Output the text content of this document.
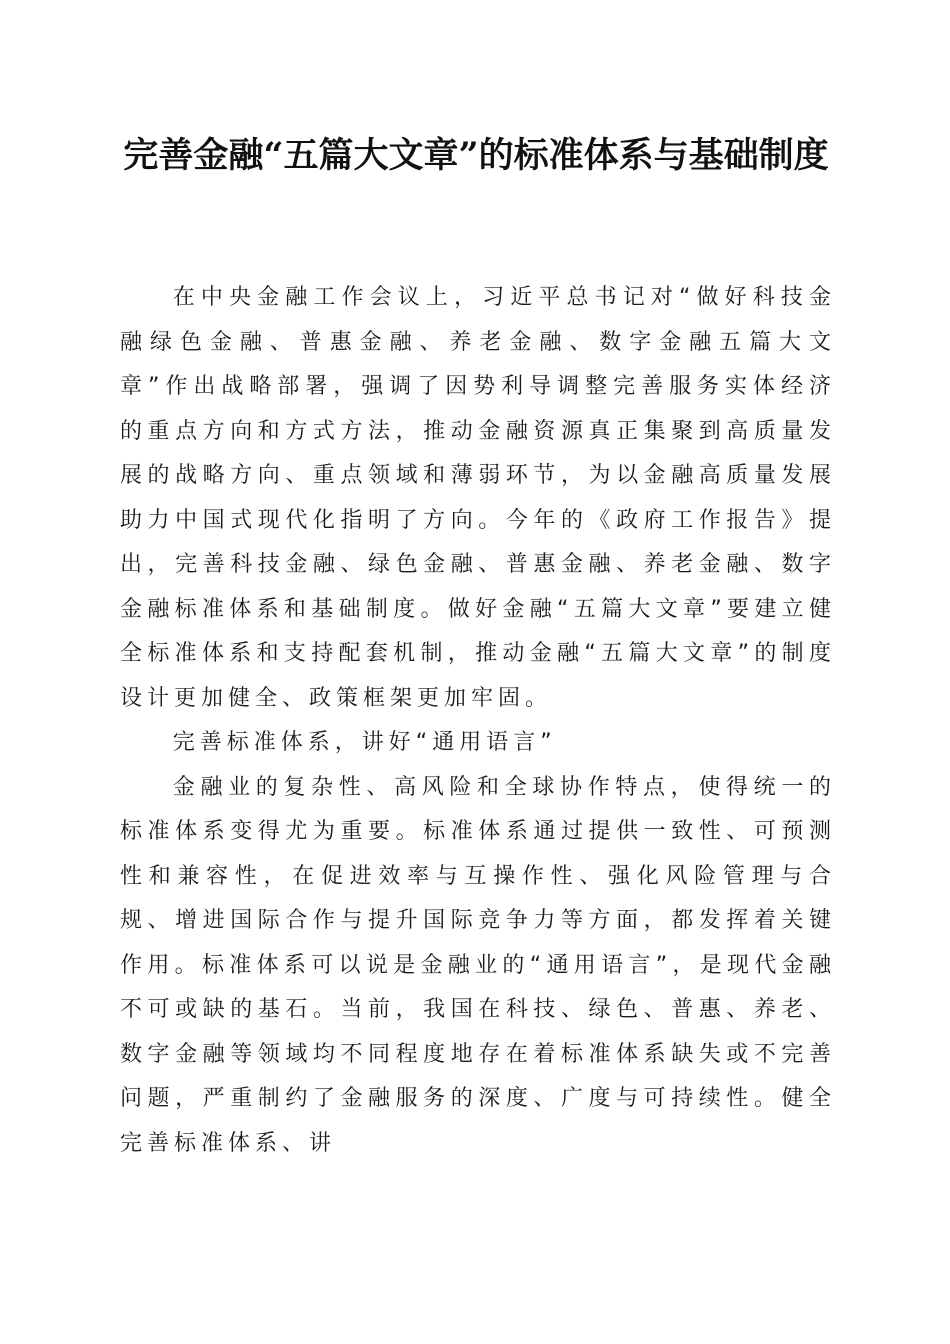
完善金融“五篇大文章”的标准体系与基础制度

在中央金融工作会议上，习近平总书记对“做好科技金融绿色金融、普惠金融、养老金融、数字金融五篇大文章”作出战略部署，强调了因势利导调整完善服务实体经济的重点方向和方式方法，推动金融资源真正集聚到高质量发展的战略方向、重点领域和薄弱环节，为以金融高质量发展助力中国式现代化指明了方向。今年的《政府工作报告》提出，完善科技金融、绿色金融、普惠金融、养老金融、数字金融标准体系和基础制度。做好金融“五篇大文章”要建立健全标准体系和支持配套机制，推动金融“五篇大文章”的制度设计更加健全、政策框架更加牢固。

完善标准体系，讲好“通用语言”

金融业的复杂性、高风险和全球协作特点，使得统一的标准体系变得尤为重要。标准体系通过提供一致性、可预测性和兼容性，在促进效率与互操作性、强化风险管理与合规、增进国际合作与提升国际竞争力等方面，都发挥着关键作用。标准体系可以说是金融业的“通用语言”，是现代金融不可或缺的基石。当前，我国在科技、绿色、普惠、养老、数字金融等领域均不同程度地存在着标准体系缺失或不完善问题，严重制约了金融服务的深度、广度与可持续性。健全完善标准体系、讲
